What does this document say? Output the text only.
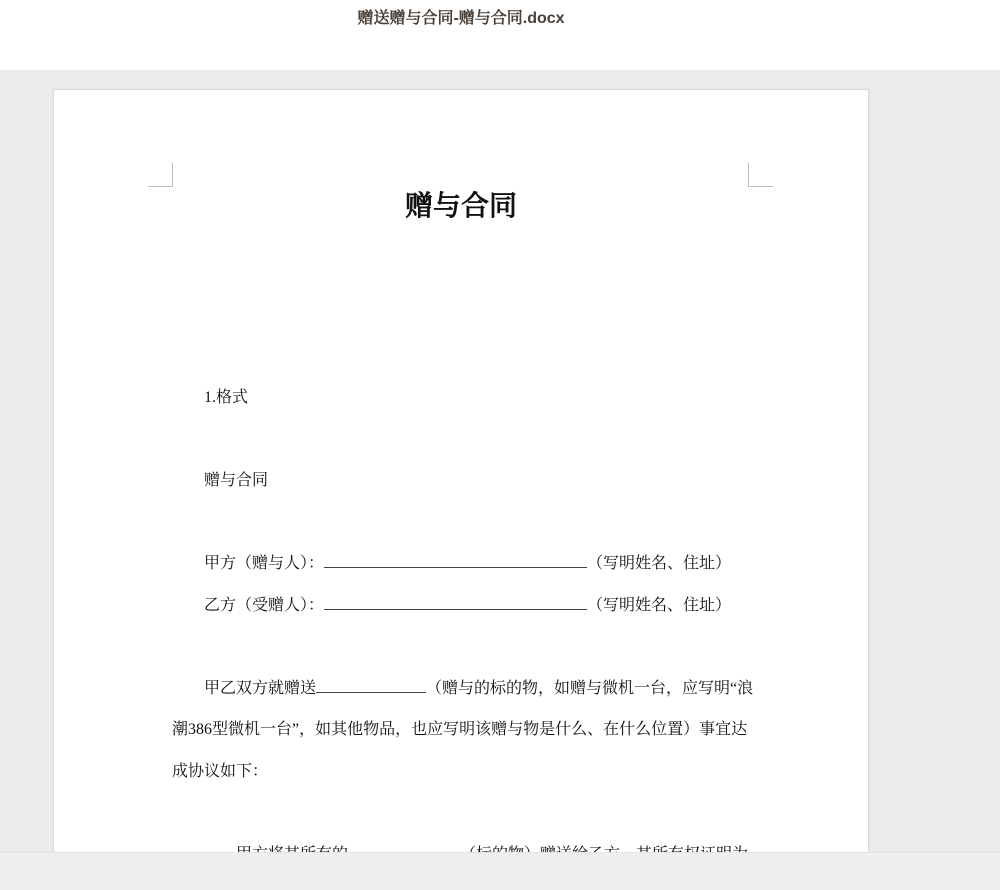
赠送赠与合同-赠与合同.docx
赠与合同
1.格式
赠与合同
甲方（赠与人）：	（写明姓名、住址）
乙方（受赠人）：	（写明姓名、住址）
甲乙双方就赠送	（赠与的标的物，如赠与微机一台，应写明“浪
潮386型微机一台”，如其他物品，也应写明该赠与物是什么、在什么位置）事宜达
成协议如下：
